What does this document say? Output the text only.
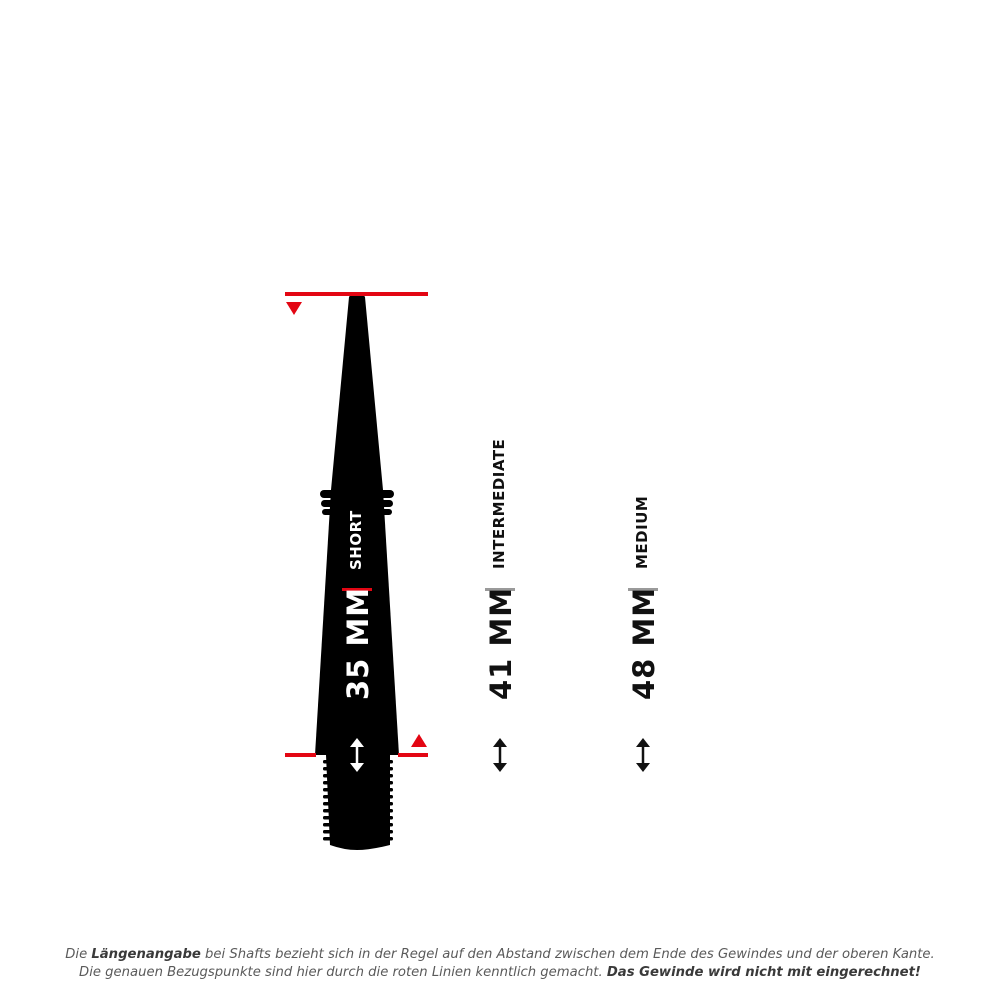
SHORT
35 MM
INTERMEDIATE
41 MM
MEDIUM
48 MM
Die Längenangabe bei Shafts bezieht sich in der Regel auf den Abstand zwischen dem Ende des Gewindes und der oberen Kante.
Die genauen Bezugspunkte sind hier durch die roten Linien kenntlich gemacht. Das Gewinde wird nicht mit eingerechnet!
